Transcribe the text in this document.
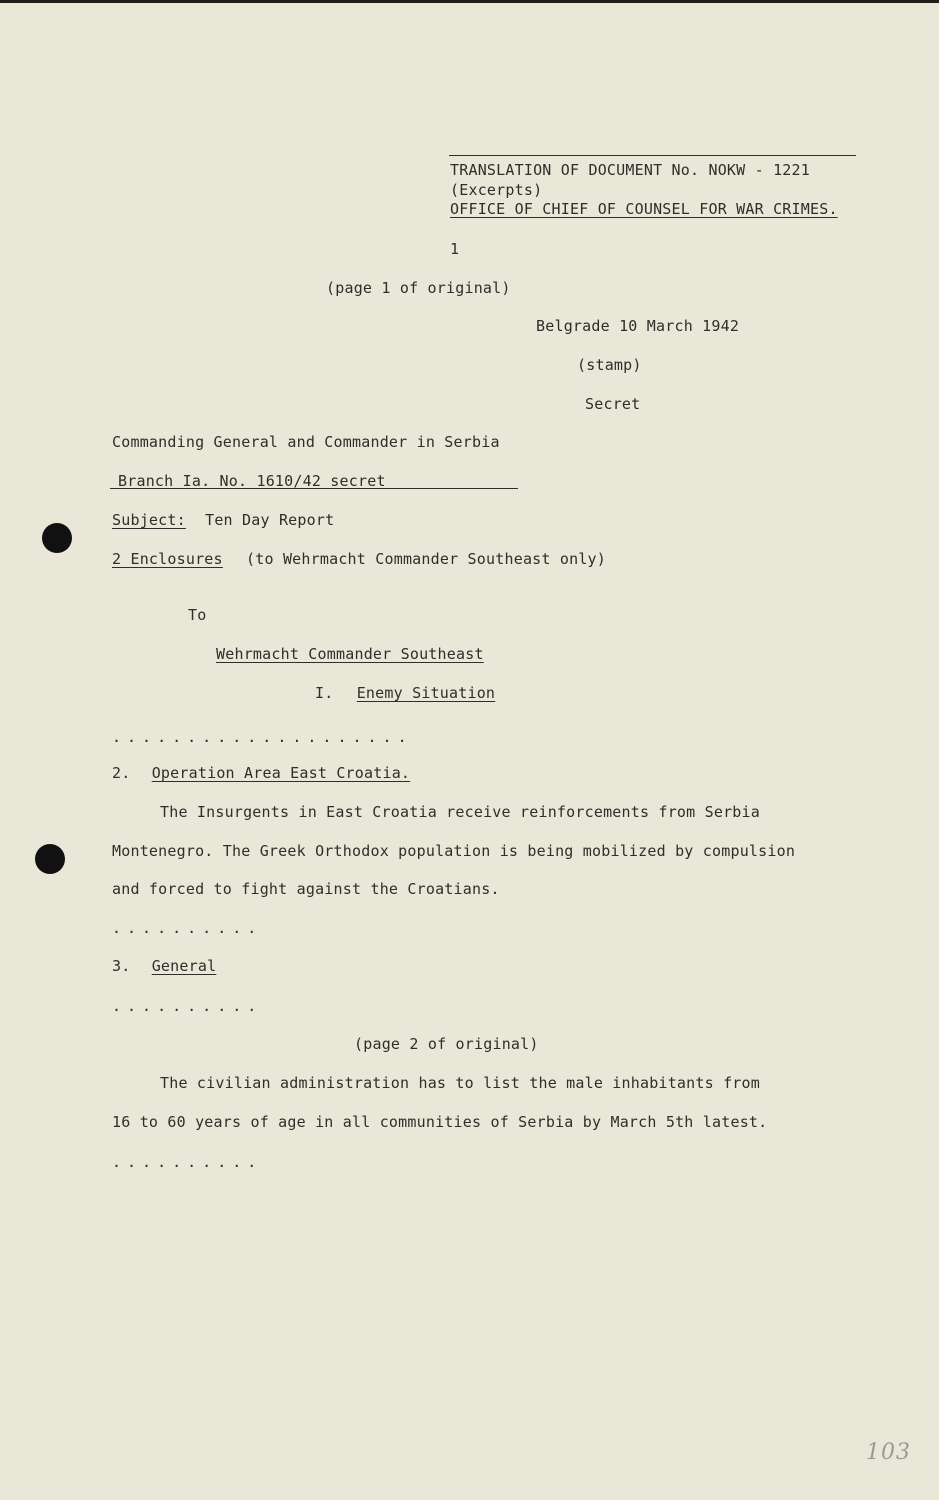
TRANSLATION OF DOCUMENT No. NOKW - 1221
(Excerpts)
OFFICE OF CHIEF OF COUNSEL FOR WAR CRIMES.
1
(page 1 of original)
Belgrade 10 March 1942
(stamp)
Secret
Commanding General and Commander in Serbia
Branch Ia. No. 1610/42 secret
Subject: Ten Day Report
2 Enclosures (to Wehrmacht Commander Southeast only)
To
Wehrmacht Commander Southeast
I. Enemy Situation
....................
2. Operation Area East Croatia.
The Insurgents in East Croatia receive reinforcements from Serbia
Montenegro. The Greek Orthodox population is being mobilized by compulsion
and forced to fight against the Croatians.
..........
3. General
..........
(page 2 of original)
The civilian administration has to list the male inhabitants from
16 to 60 years of age in all communities of Serbia by March 5th latest.
..........
103
